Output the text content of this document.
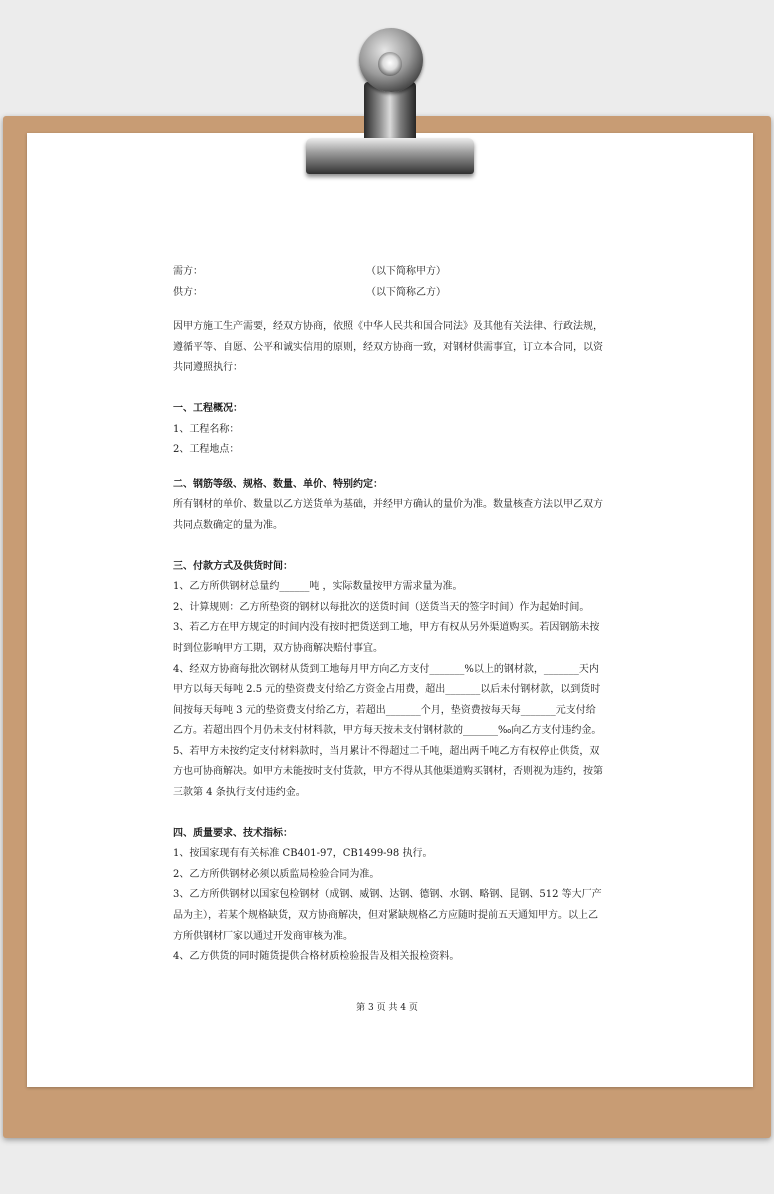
需方：	（以下简称甲方）
供方：	（以下简称乙方）

因甲方施工生产需要，经双方协商，依照《中华人民共和国合同法》及其他有关法律、行政法规，遵循平等、自愿、公平和诚实信用的原则，经双方协商一致，对钢材供需事宜，订立本合同，以资共同遵照执行：

一、工程概况：

1、工程名称：

2、工程地点：

二、钢筋等级、规格、数量、单价、特别约定：

所有钢材的单价、数量以乙方送货单为基础，并经甲方确认的量价为准。数量核查方法以甲乙双方共同点数确定的量为准。

三、付款方式及供货时间：

1、乙方所供钢材总量约______吨 ，实际数量按甲方需求量为准。

2、计算规则：乙方所垫资的钢材以每批次的送货时间（送货当天的签字时间）作为起始时间。

3、若乙方在甲方规定的时间内没有按时把货送到工地，甲方有权从另外渠道购买。若因钢筋未按时到位影响甲方工期，双方协商解决赔付事宜。

4、经双方协商每批次钢材从货到工地每月甲方向乙方支付_______%以上的钢材款，_______天内甲方以每天每吨 2.5 元的垫资费支付给乙方资金占用费，超出_______以后未付钢材款，以到货时间按每天每吨 3 元的垫资费支付给乙方，若超出_______个月，垫资费按每天每_______元支付给乙方。若超出四个月仍未支付材料款，甲方每天按未支付钢材款的_______‰向乙方支付违约金。

5、若甲方未按约定支付材料款时，当月累计不得超过二千吨，超出两千吨乙方有权停止供货，双方也可协商解决。如甲方未能按时支付货款，甲方不得从其他渠道购买钢材，否则视为违约，按第三款第 4 条执行支付违约金。

四、质量要求、技术指标：

1、按国家现有有关标准 CB401-97，CB1499-98 执行。

2、乙方所供钢材必须以质监局检验合同为准。

3、乙方所供钢材以国家包检钢材（成钢、威钢、达钢、德钢、水钢、略钢、昆钢、512 等大厂产品为主），若某个规格缺货，双方协商解决，但对紧缺规格乙方应随时提前五天通知甲方。以上乙方所供钢材厂家以通过开发商审核为准。

4、乙方供货的同时随货提供合格材质检验报告及相关报检资料。

第 3 页 共 4 页
